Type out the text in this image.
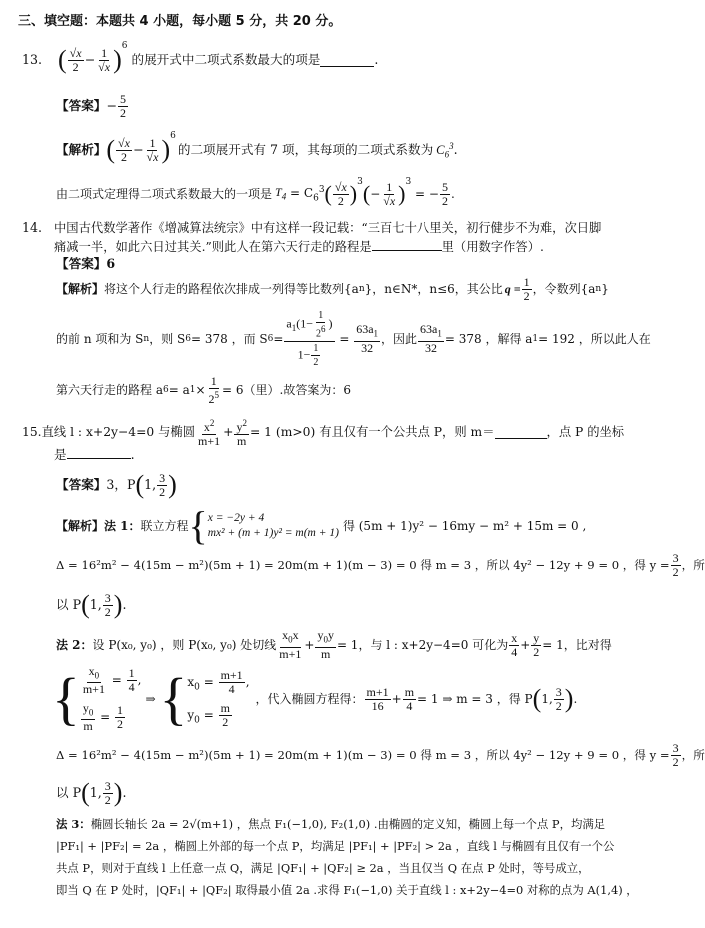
三、填空题：本题共 4 小题，每小题 5 分，共 20 分。
13. ( $\frac{√x}{2} - \frac{1}{√x} )^6$
的展开式中二项式系数最大的项是	.
【答案】 − $\frac{5}{2}$
【解析】 ( $\frac{√x}{2} - \frac{1}{√x} )^6$
的二项展开式有 7 项，其每项的二项式系数为 $C_6^3$ .
由二项式定理得二项式系数最大的一项是 $T_4 = C_6^3$ ( $\frac{√x}{2} )^3$ ( − $\frac{1}{√x} )^3$
= − $\frac{5}{2}$ .
14. 中国古代数学著作《增减算法统宗》中有这样一段记载：“三百七十八里关，初行健步不为难，次日脚
痛减一半，如此六日过其关.”则此人在第六天行走的路程是	里（用数字作答）.
【答案】6
【解析】 将这个人行走的路程依次排成一列得等比数列{a n }，n∈N*，n≤6，其公比 $q = \frac{1}{2}$ ，令数列{a n }
的前 n 项和为 S n ，则 S 6 = 378 ，而 S $6 = \frac{a_1(1- \frac{1}{2^6} )}{1- \frac{1}{2}} = \frac{63a_1}{32}$ ，因此 $\frac{63a_1}{32} = 378$ ，解得 a 1 = 192 ，所以此人在
第六天行走的路程 a 6 = a $1 \times \frac{1}{2^5} = 6$（里）.故答案为：6
15. 直线 l : x+2y−4=0 与椭圆 $\frac{x^2}{m+1} + \frac{y^2}{m} = 1$ (m>0) 有且仅有一个公共点 P，则 m＝	，点 P 的坐标
是	.
【答案】 3，P ( 1, $\frac{3}{2}$ )
【解析】法 1： 联立方程 { x = −2y + 4
mx² + (m + 1)y² = m(m + 1) 得 (5m + 1)y² − 16my − m² + 15m = 0 ,
Δ = 16²m² − 4(15m − m²)(5m + 1) = 20m(m + 1)(m − 3) = 0 得 m = 3 ，所以 4y² − 12y + 9 = 0 ，得 $y = \frac{3}{2}$ ，所
以 P ( 1, $\frac{3}{2}$ ) .
法 2： 设 P(x₀, y₀) ，则 P(x₀, y₀) 处切线 $\frac{x_0x}{m+1} + \frac{y_0y}{m} = 1$，与 l : x+2y−4=0 可化为 $\frac{x}{4} + \frac{y}{2} = 1$，比对得
{ $\frac{x_0}{m+1} = \frac{1}{4}$ ,
$\frac{y_0}{m} = \frac{1}{2}$
⇒ { $x_0 = \frac{m+1}{4}$ ,
$y_0 = \frac{m}{2}$
，代入椭圆方程得： $\frac{m+1}{16} + \frac{m}{4} = 1$ ⇒ m = 3 ，得 P ( 1, $\frac{3}{2}$ ) .
Δ = 16²m² − 4(15m − m²)(5m + 1) = 20m(m + 1)(m − 3) = 0 得 m = 3 ，所以 4y² − 12y + 9 = 0 ，得 $y = \frac{3}{2}$ ，所
以 P ( 1, $\frac{3}{2}$ ) .
法 3：椭圆长轴长 2a = 2√(m+1) ，焦点 F₁(−1,0), F₂(1,0) .由椭圆的定义知，椭圆上每一个点 P，均满足
|PF₁| + |PF₂| = 2a ，椭圆上外部的每一个点 P，均满足 |PF₁| + |PF₂| > 2a ，直线 l 与椭圆有且仅有一个公
共点 P，则对于直线 l 上任意一点 Q，满足 |QF₁| + |QF₂| ≥ 2a ，当且仅当 Q 在点 P 处时，等号成立，
即当 Q 在 P 处时，|QF₁| + |QF₂| 取得最小值 2a .求得 F₁(−1,0) 关于直线 l : x+2y−4=0 对称的点为 A(1,4) ，
